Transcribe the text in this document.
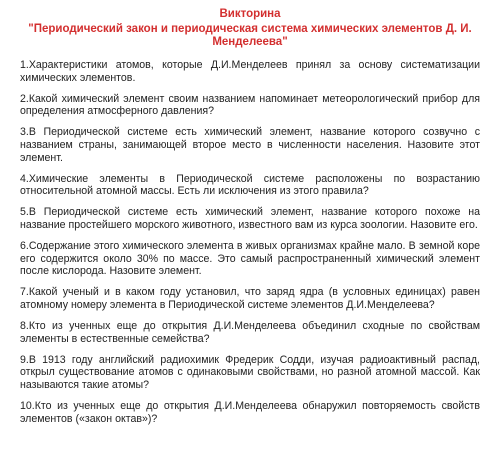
Викторина

"Периодический закон и периодическая система химических элементов Д. И. Менделеева"

1.Характеристики атомов, которые Д.И.Менделеев принял за основу систематизации химических элементов.

2.Какой химический элемент своим названием напоминает метеорологический прибор для определения атмосферного давления?

3.В Периодической системе есть химический элемент, название которого созвучно с названием страны, занимающей второе место в численности населения. Назовите этот элемент.

4.Химические элементы в Периодической системе расположены по возрастанию относительной атомной массы. Есть ли исключения из этого правила?

5.В Периодической системе есть химический элемент, название которого похоже на название простейшего морского животного, известного вам из курса зоологии. Назовите его.

6.Содержание этого химического элемента в живых организмах крайне мало. В земной коре его содержится около 30% по массе. Это самый распространенный химический элемент после кислорода. Назовите элемент.

7.Какой ученый и в каком году установил, что заряд ядра (в условных единицах) равен атомному номеру элемента в Периодической системе элементов Д.И.Менделеева?

8.Кто из ученных еще до открытия Д.И.Менделеева объединил сходные по свойствам элементы в естественные семейства?

9.В 1913 году английский радиохимик Фредерик Содди, изучая радиоактивный распад, открыл существование атомов с одинаковыми свойствами, но разной атомной массой. Как называются такие атомы?

10.Кто из ученных еще до открытия Д.И.Менделеева обнаружил повторяемость свойств элементов («закон октав»)?
